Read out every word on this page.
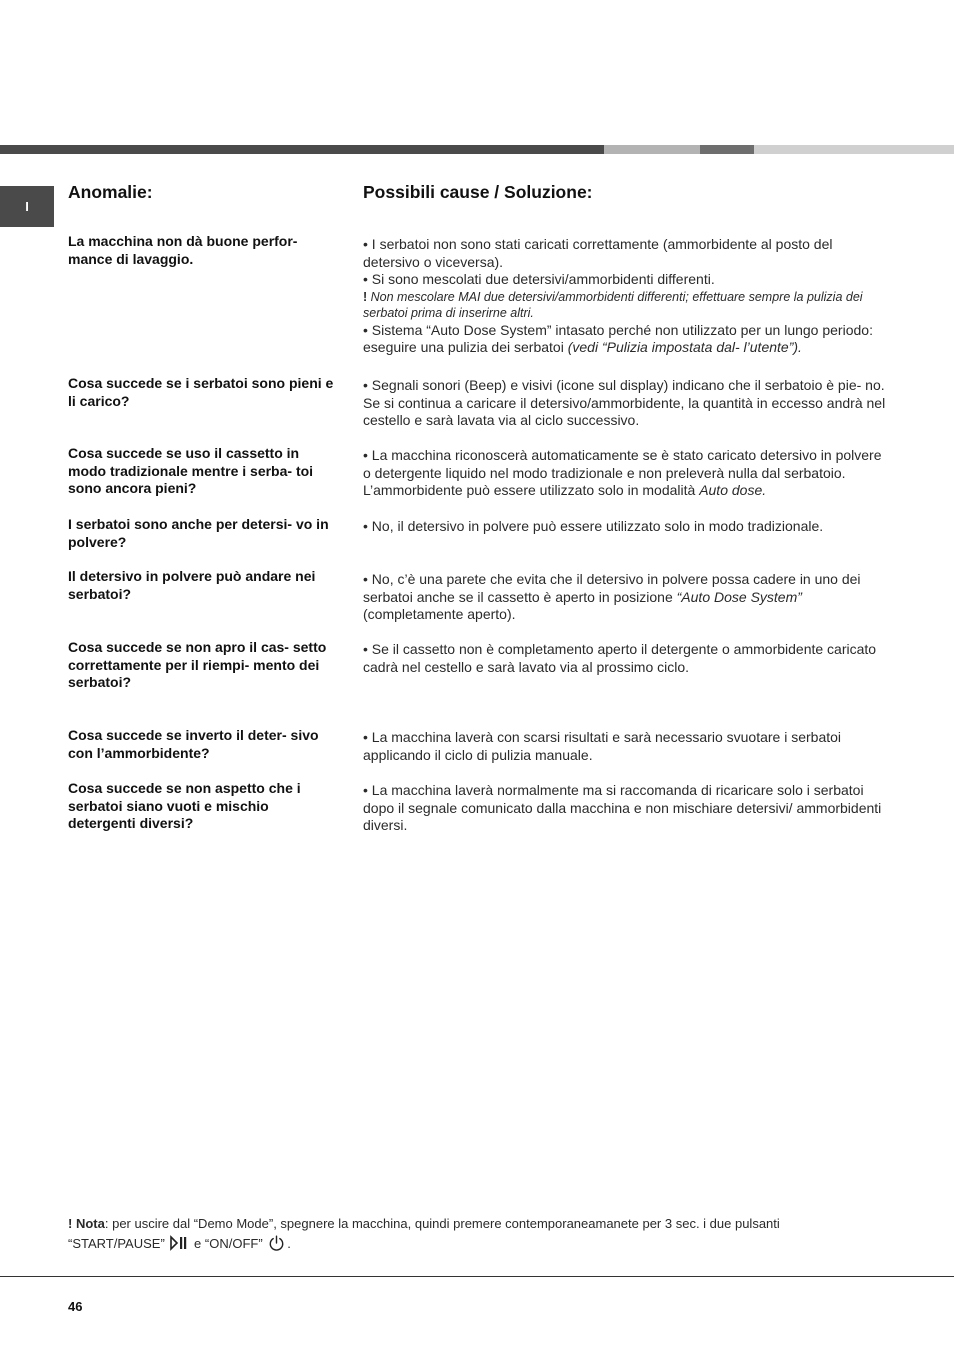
I
Anomalie:	Possibili cause / Soluzione:
La macchina non dà buone perfor- mance di lavaggio.

• I serbatoi non sono stati caricati correttamente (ammorbidente al posto del detersivo o viceversa).

• Si sono mescolati due detersivi/ammorbidenti differenti.

! Non mescolare MAI due detersivi/ammorbidenti differenti; effettuare sempre la pulizia dei serbatoi prima di inserirne altri.

• Sistema “Auto Dose System” intasato perché non utilizzato per un lungo periodo: eseguire una pulizia dei serbatoi (vedi “Pulizia impostata dal- l’utente”).

Cosa succede se i serbatoi sono pieni e li carico?

• Segnali sonori (Beep) e visivi (icone sul display) indicano che il serbatoio è pie- no. Se si continua a caricare il detersivo/ammorbidente, la quantità in eccesso andrà nel cestello e sarà lavata via al ciclo successivo.

Cosa succede se uso il cassetto in modo tradizionale mentre i serba- toi sono ancora pieni?

• La macchina riconoscerà automaticamente se è stato caricato detersivo in polvere o detergente liquido nel modo tradizionale e non preleverà nulla dal serbatoio. L’ammorbidente può essere utilizzato solo in modalità Auto dose.

I serbatoi sono anche per detersi- vo in polvere?

• No, il detersivo in polvere può essere utilizzato solo in modo tradizionale.

Il detersivo in polvere può andare nei serbatoi?

• No, c’è una parete che evita che il detersivo in polvere possa cadere in uno dei serbatoi anche se il cassetto è aperto in posizione “Auto Dose System” (completamente aperto).

Cosa succede se non apro il cas- setto correttamente per il riempi- mento dei serbatoi?

• Se il cassetto non è completamento aperto il detergente o ammorbidente caricato cadrà nel cestello e sarà lavato via al prossimo ciclo.

Cosa succede se inverto il deter- sivo con l’ammorbidente?

• La macchina laverà con scarsi risultati e sarà necessario svuotare i serbatoi applicando il ciclo di pulizia manuale.

Cosa succede se non aspetto che i serbatoi siano vuoti e mischio detergenti diversi?

• La macchina laverà normalmente ma si raccomanda di ricaricare solo i serbatoi dopo il segnale comunicato dalla macchina e non mischiare detersivi/ ammorbidenti diversi.

! Nota: per uscire dal “Demo Mode”, spegnere la macchina, quindi premere contemporaneamanete per 3 sec. i due pulsanti
“START/PAUSE” e “ON/OFF” .
46
